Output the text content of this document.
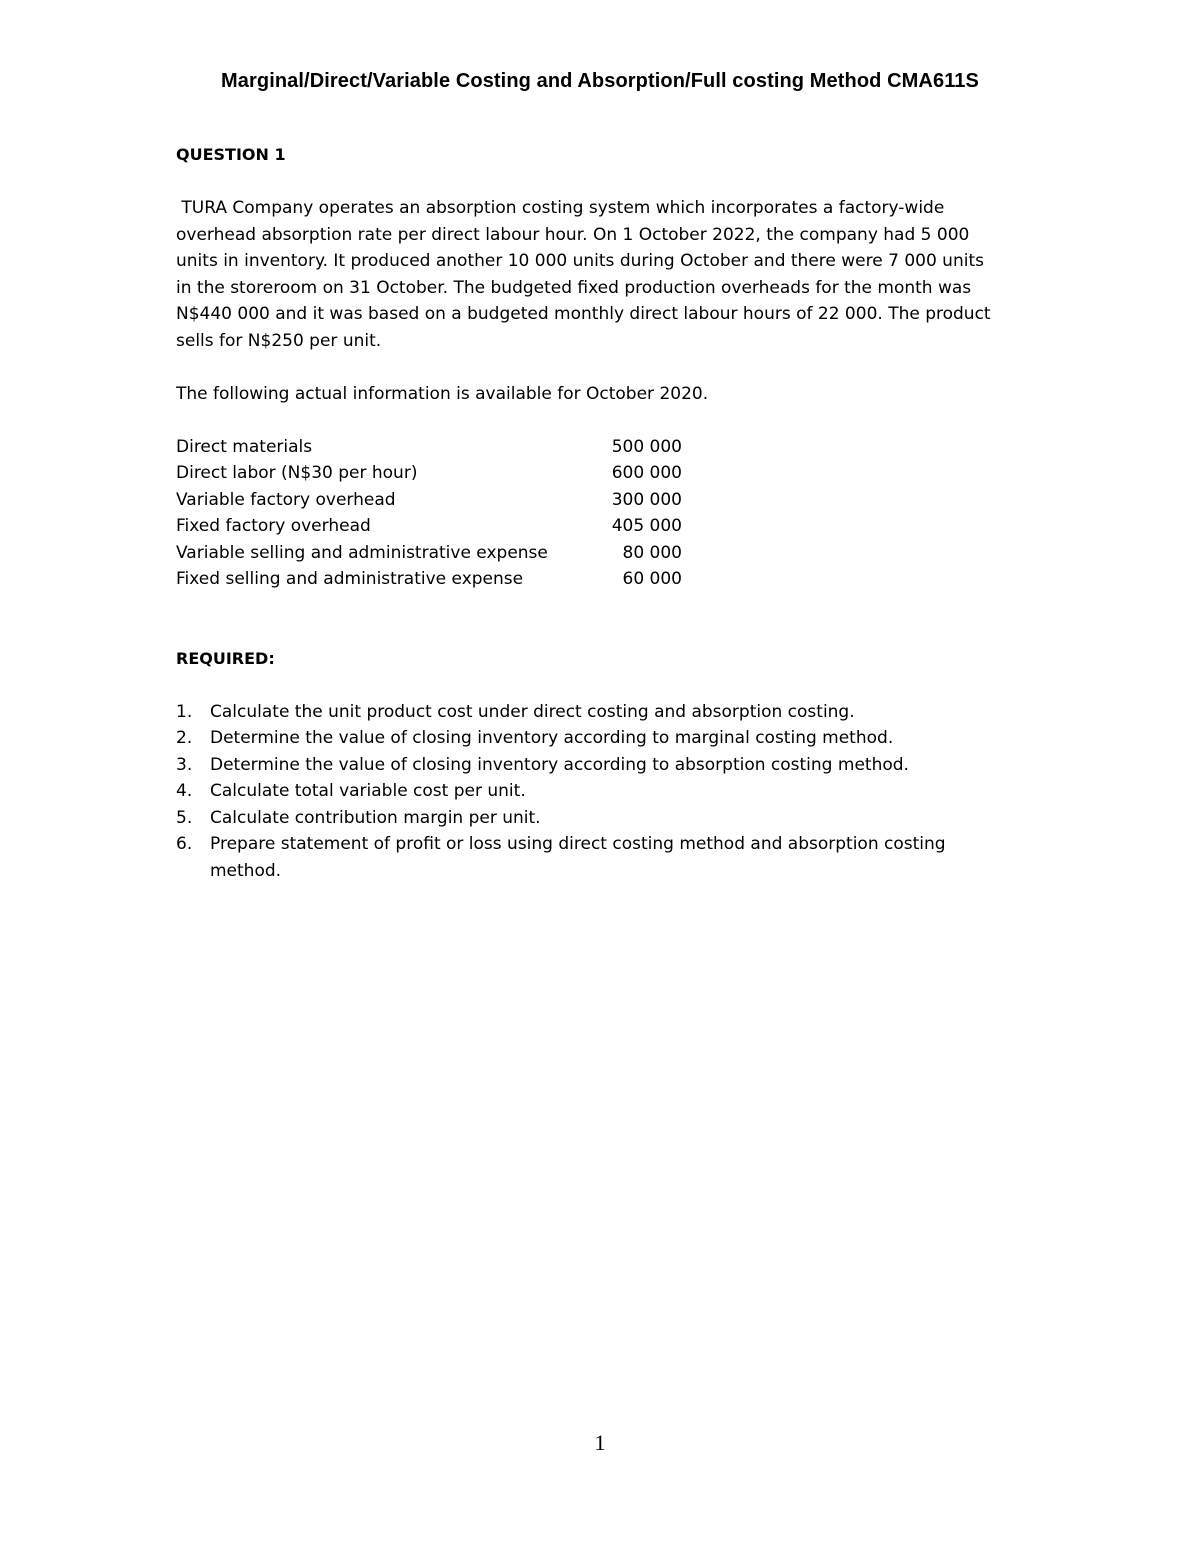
Marginal/Direct/Variable Costing and Absorption/Full costing Method CMA611S
QUESTION 1

TURA Company operates an absorption costing system which incorporates a factory-wide

overhead absorption rate per direct labour hour. On 1 October 2022, the company had 5 000

units in inventory. It produced another 10 000 units during October and there were 7 000 units

in the storeroom on 31 October. The budgeted fixed production overheads for the month was

N$440 000 and it was based on a budgeted monthly direct labour hours of 22 000. The product

sells for N$250 per unit.

The following actual information is available for October 2020.
Direct materials	500 000
Direct labor (N$30 per hour)	600 000
Variable factory overhead	300 000
Fixed factory overhead	405 000
Variable selling and administrative expense	80 000
Fixed selling and administrative expense	60 000
REQUIRED:
1.	Calculate the unit product cost under direct costing and absorption costing.
2.	Determine the value of closing inventory according to marginal costing method.
3.	Determine the value of closing inventory according to absorption costing method.
4.	Calculate total variable cost per unit.
5.	Calculate contribution margin per unit.
6.	Prepare statement of profit or loss using direct costing method and absorption costing method.
1
